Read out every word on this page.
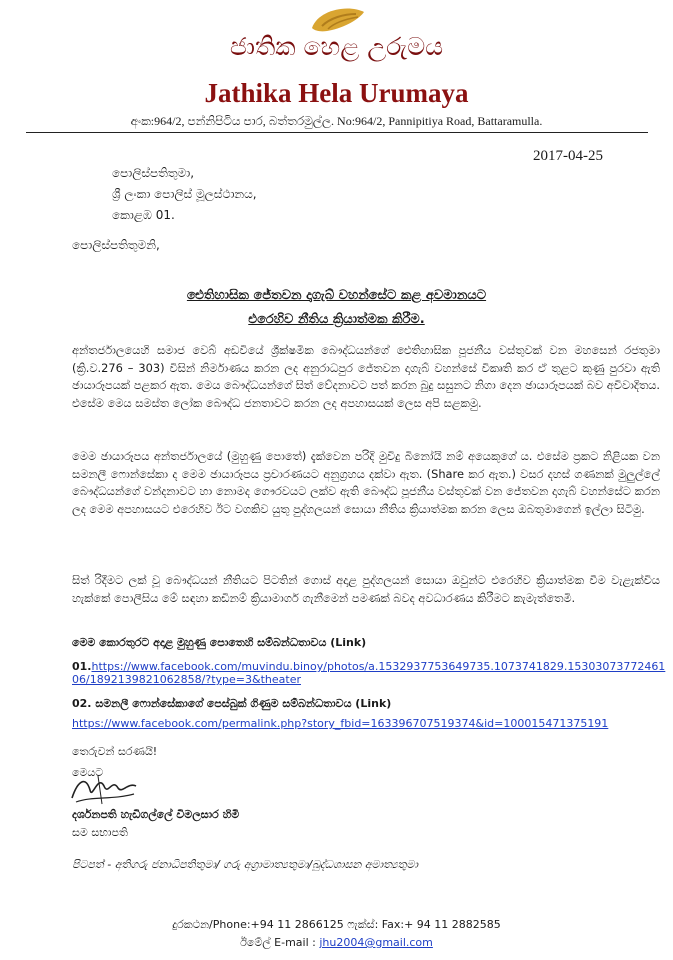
ජාතික හෙළ උරුමය
Jathika Hela Urumaya
අංක:964/2, පන්නිපිටිය පාර, බත්තරමුල්ල. No:964/2, Pannipitiya Road, Battaramulla.
2017-04-25
පොලිස්පතිතුමා,
ශ්‍රී ලංකා පොලිස් මූලස්ථානය,
කොළඹ 01.
පොලිස්පතිතුමනි,
ඓතිහාසික ජේතවන දාගැබ් වහන්සේට කළ අවමානයට
එරෙහිව නීතිය ක්‍රියාත්මක කිරීම.
අන්තර්ජාලයෙහි සමාජ වෙබ් අඩවියේ ශ්‍රීක්ෂමික බෞද්ධයන්ගේ ඓතිහාසික පූජනීය වස්තුවක් වන මහසෙන් රජතුමා (ක්‍රි.ව.276 – 303) විසින් නිර්මාණය කරන ලද අනුරාධපුර ජේතවන දාගැබ් වහන්සේ විකෘති කර ඒ තුළට කුණු පුරවා ඇති ඡායාරූපයක් පළකර ඇත. මෙය බෞද්ධයන්ගේ සිත් වේදනාවට පත් කරන බුදු සසුනට නිගා දෙන ඡායාරූපයක් බව අවිවාදිතය. එසේම මෙය සමස්ත ලෝක බෞද්ධ ජනතාවට කරන ලද අපහාසයක් ලෙස අපි සළකමු.
මෙම ඡායාරූපය අන්තර්ජාලයේ (මුහුණු පොතේ) දැක්වෙන පරිදි මුවිදු බිනෝයි නම් අයෙකුගේ ය. එසේම ප්‍රකට නිළියක වන සමනලී ෆොන්සේකා ද මෙම ඡායාරූපය ප්‍රචාරණයට අනුග්‍රහය දක්වා ඇත. (Share කර ඇත.) වසර දහස් ගණනක් මුලුල්ලේ බෞද්ධයන්ගේ වන්දනාවට හා නොමද ගෞරවයට ලක්ව ඇති බෞද්ධ පූජනීය වස්තුවක් වන ජේතවන දාගැබ් වහන්සේට කරන ලද මෙම අපහාසයට එරෙහිව ඊට වගකිව යුතු පුද්ගලයන් සොයා නීතිය ක්‍රියාත්මක කරන ලෙස ඔබතුමාගෙන් ඉල්ලා සිටිමු.
සිත් රිදීමට ලක් වූ බෞද්ධයන් නීතියට පිටතින් ගොස් අදාළ පුද්ගලයන් සොයා ඔවුන්ට එරෙහිව ක්‍රියාත්මක වීම වැළැක්විය හැක්කේ පොලීසිය මේ සඳහා කඩිනම් ක්‍රියාමාර්ග ගැනීමෙන් පමණක් බවද අවධාරණය කිරීමට කැමැත්තෙමි.
මෙම කොරතුරට අදාළ මුහුණු පොතෙහි සම්බන්ධතාවය (Link)
01.https://www.facebook.com/muvindu.binoy/photos/a.1532937753649735.1073741829.15303073772461
06/1892139821062858/?type=3&theater
02. සමනලී ෆොන්සේකාගේ පෙස්බුක් ගිණුම සම්බන්ධතාවය (Link)
https://www.facebook.com/permalink.php?story_fbid=163396707519374&id=100015471375191
තෙරුවන් සරණයි!
මෙයට
දර්ශනපති හැඩිගල්ලේ විමලසාර හිමි
සම සභාපති
පිටපත් - අතිගරු ජනාධිපතිතුමා/ ගරු අග්‍රාමාත්‍යතුමා/බුද්ධශාසන අමාත්‍යතුමා
දුරකථන/Phone:+94 11 2866125 ෆැක්ස්: Fax:+ 94 11 2882585
ඊමේල් E-mail : jhu2004@gmail.com
